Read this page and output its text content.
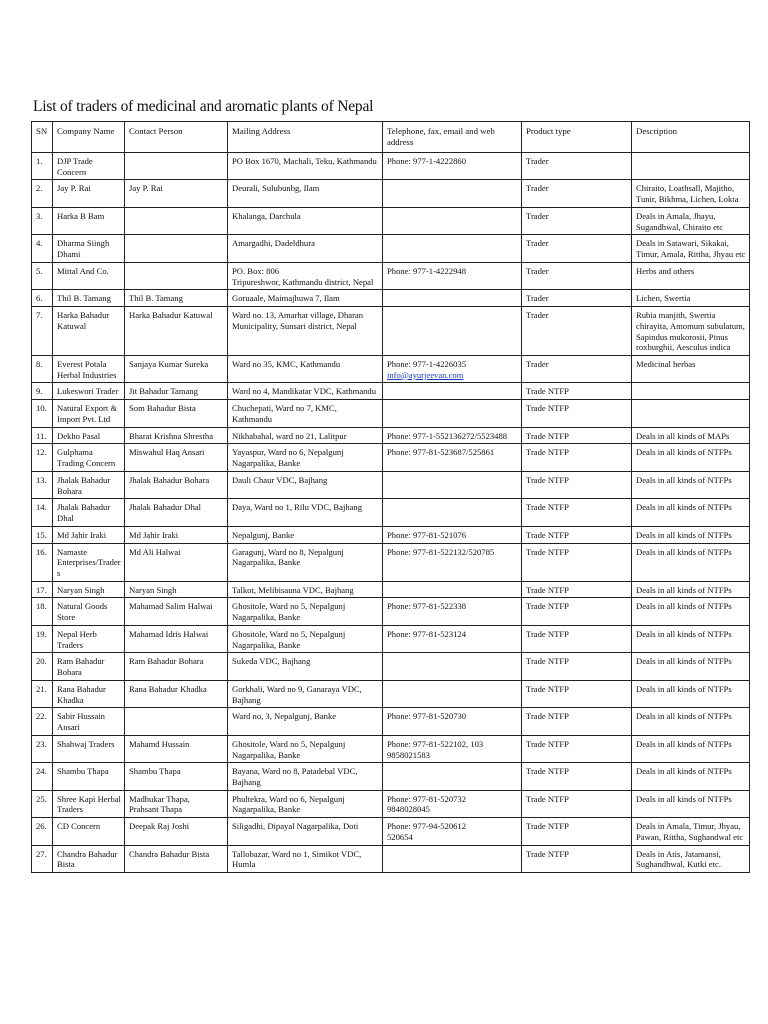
List of traders of medicinal and aromatic plants of Nepal
SN	Company Name	Contact Person	Mailing Address	Telephone, fax, email and web address	Product type	Description
1.	DJP Trade Concern		PO Box 1670, Machali, Teku, Kathmandu	Phone: 977-1-4222860	Trader	
2.	Jay P. Rai	Jay P. Rai	Deurali, Sulubunbg, Ilam		Trader	Chiraito, Loathsall, Majitho, Tunir, Bikhma, Lichen, Lokta
3.	Harka B Bam		Khalanga, Darchula		Trader	Deals in Amala, Jhayu, Sugandhwal, Chiraito etc
4.	Dharma Siingh Dhami		Amargadhi, Dadeldhura		Trader	Deals in Satawari, Sikakai, Timur, Amala, Rittha, Jhyau etc
5.	Mittal And Co.		PO. Box: 806
Tripureshwor, Kathmandu district, Nepal	Phone: 977-1-4222948	Trader	Herbs and others
6.	Thil B. Tamang	Thil B. Tamang	Goruaale, Maimajhuwa 7, Ilam		Trader	Lichen, Swertia
7.	Harka Bahadur Katuwal	Harka Bahadur Katuwal	Ward no. 13, Amarhat village, Dharan Municipality, Sunsari district, Nepal		Trader	Rubia manjith, Swertia chirayita, Amomum subulatum, Sapindus mukorosii, Pinus roxburghii, Aesculus indica
8.	Everest Potala Herbal Industries	Sanjaya Kumar Sureka	Ward no 35, KMC, Kathmandu	Phone: 977-1-4226035
info@ayurjeevan.com	Trader	Medicinal herbas
9.	Lukeswori Trader	Jit Bahadur Tamang	Ward no 4, Mandikatar VDC, Kathmandu		Trade NTFP	
10.	Natural Export & Import Pvt. Ltd	Som Bahadur Bista	Chuchepati, Ward no 7, KMC, Kathmandu		Trade NTFP	
11.	Dekho Pasal	Bharat Krishna Shrestha	Nikhabahal, ward no 21, Lalitpur	Phone: 977-1-552136272/5523488	Trade NTFP	Deals in all kinds of MAPs
12.	Gulphama Trading Concern	Miswahul Haq Ansari	Yayaspur, Ward no 6, Nepalgunj Nagarpalika, Banke	Phone: 977-81-523687/525861	Trade NTFP	Deals in all kinds of NTFPs
13.	Jhalak Bahadur Bohara	Jhalak Bahadur Bohara	Dauli Chaur VDC, Bajhang		Trade NTFP	Deals in all kinds of NTFPs
14.	Jhalak Bahadur Dhal	Jhalak Bahadur Dhal	Daya, Ward no 1, Rilu VDC, Bajhang		Trade NTFP	Deals in all kinds of NTFPs
15.	Md Jahir Iraki	Md Jahir Iraki	Nepalgunj, Banke	Phone: 977-81-521076	Trade NTFP	Deals in all kinds of NTFPs
16.	Namaste Enterprises/Traders	Md Ali Halwai	Garagunj, Ward no 8, Nepalgunj Nagarpalika, Banke	Phone: 977-81-522132/520785	Trade NTFP	Deals in all kinds of NTFPs
17.	Naryan Singh	Naryan Singh	Talkot, Melibisauna VDC, Bajhang		Trade NTFP	Deals in all kinds of NTFPs
18.	Natural Goods Store	Mahamad Salim Halwai	Ghositole, Ward no 5, Nepalgunj Nagarpalika, Banke	Phone: 977-81-522338	Trade NTFP	Deals in all kinds of NTFPs
19.	Nepal Herb Traders	Mahamad Idris Halwai	Ghositole, Ward no 5, Nepalgunj Nagarpalika, Banke	Phone: 977-81-523124	Trade NTFP	Deals in all kinds of NTFPs
20.	Ram Bahadur Bohara	Ram Bahadur Bohara	Sukeda VDC, Bajhang		Trade NTFP	Deals in all kinds of NTFPs
21.	Rana Bahadur Khadka	Rana Bahadur Khadka	Gorkhali, Ward no 9, Ganaraya VDC, Bajhang		Trade NTFP	Deals in all kinds of NTFPs
22.	Sabir Hussain Ansari		Ward no, 3, Nepalgunj, Banke	Phone: 977-81-520730	Trade NTFP	Deals in all kinds of NTFPs
23.	Shahwaj Traders	Mahamd Hussain	Ghositole, Ward no 5, Nepalgunj Nagarpalika, Banke	Phone: 977-81-522102, 103
9858021583	Trade NTFP	Deals in all kinds of NTFPs
24.	Shambu Thapa	Shambu Thapa	Bayana, Ward no 8, Patadebal VDC, Bajhang		Trade NTFP	Deals in all kinds of NTFPs
25.	Shree Kapi Herbal Traders	Madhukar Thapa,
Prahsant Thapa	Phultekra, Ward no 6, Nepalgunj Nagarpalika, Banke	Phone: 977-81-520732
9848028045	Trade NTFP	Deals in all kinds of NTFPs
26.	CD Concern	Deepak Raj Joshi	Siligadhi, Dipayal Nagarpalika, Doti	Phone: 977-94-520612
520654	Trade NTFP	Deals in Amala, Timur, Jhyau, Pawan, Rittha, Sughandwal etc
27.	Chandra Bahadur Bista	Chandra Bahadur Bista	Tallobazar, Ward no 1, Simikot VDC, Humla		Trade NTFP	Deals in Atis, Jatamansi, Sughandhwal, Kutki etc.
